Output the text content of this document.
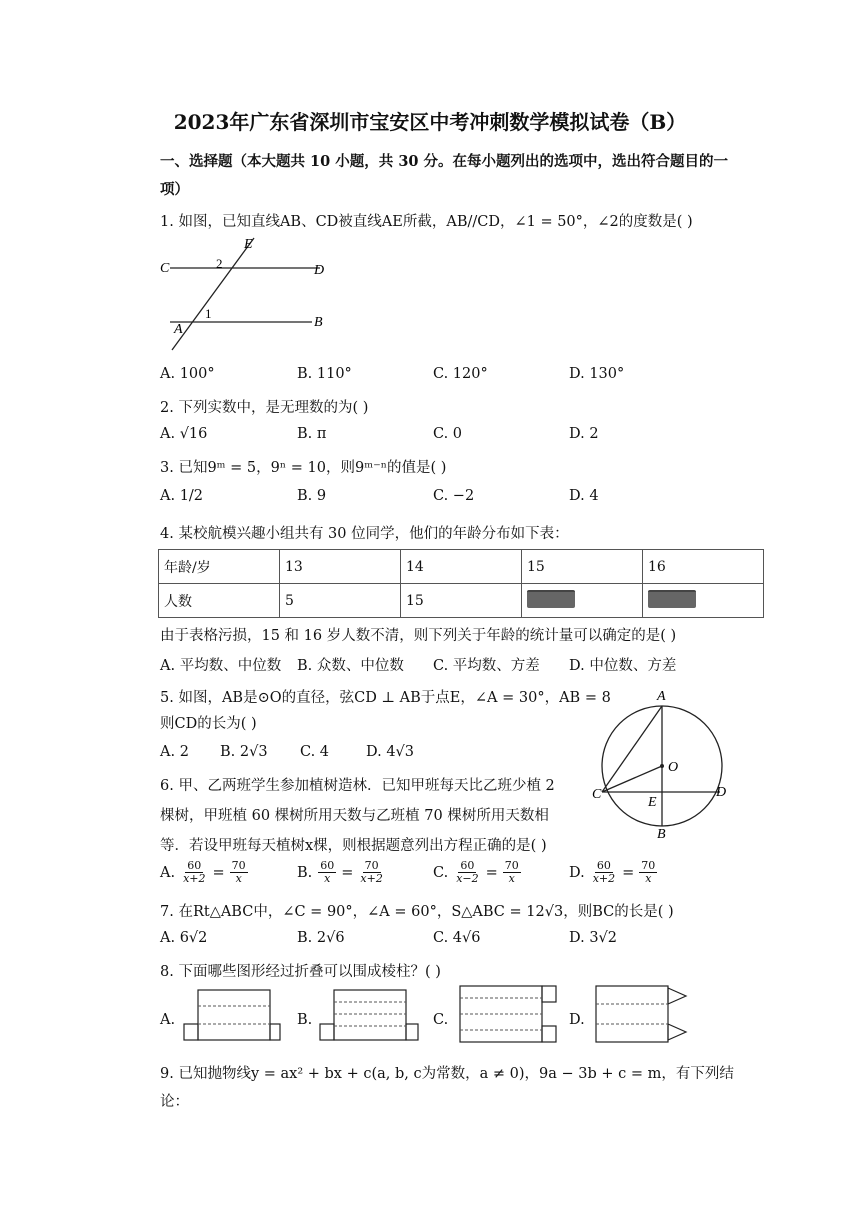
2023年广东省深圳市宝安区中考冲刺数学模拟试卷（B）
一、选择题（本大题共 10 小题，共 30 分。在每小题列出的选项中，选出符合题目的一
项）
1. 如图，已知直线AB、CD被直线AE所截，AB//CD，∠1 = 50°，∠2的度数是( )
E
C	2	D
1
A	B
A. 100°	B. 110°	C. 120°	D. 130°
2. 下列实数中，是无理数的为( )
A. √16	B. π	C. 0	D. 2
3. 已知9ᵐ = 5，9ⁿ = 10，则9ᵐ⁻ⁿ的值是( )
A. 1/2	B. 9	C. −2	D. 4
4. 某校航模兴趣小组共有 30 位同学，他们的年龄分布如下表：
年龄/岁	13	14	15	16
人数	5	15		
由于表格污损，15 和 16 岁人数不清，则下列关于年龄的统计量可以确定的是( )
A. 平均数、中位数 B. 众数、中位数 C. 平均数、方差 D. 中位数、方差
5. 如图，AB是⊙O的直径，弦CD ⊥ AB于点E，∠A = 30°，AB = 8
则CD的长为( )
A. 2 B. 2√3 C. 4	D. 4√3
A
O
C
E
D
B
6. 甲、乙两班学生参加植树造林．已知甲班每天比乙班少植 2
棵树，甲班植 60 棵树所用天数与乙班植 70 棵树所用天数相
等．若设甲班每天植树x棵，则根据题意列出方程正确的是( )
A. $\frac{60}{x+2} = \frac{70}{x}$	B. $\frac{60}{x} = \frac{70}{x+2}$	C. $\frac{60}{x-2} = \frac{70}{x}$	D. $\frac{60}{x+2} = \frac{70}{x}$
7. 在Rt△ABC中，∠C = 90°，∠A = 60°，S△ABC = 12√3，则BC的长是( )
A. 6√2	B. 2√6	C. 4√6	D. 3√2
8. 下面哪些图形经过折叠可以围成棱柱？( )
A.	B.	C.	D.
9. 已知抛物线y = ax² + bx + c(a, b, c为常数，a ≠ 0)，9a − 3b + c = m，有下列结
论：
